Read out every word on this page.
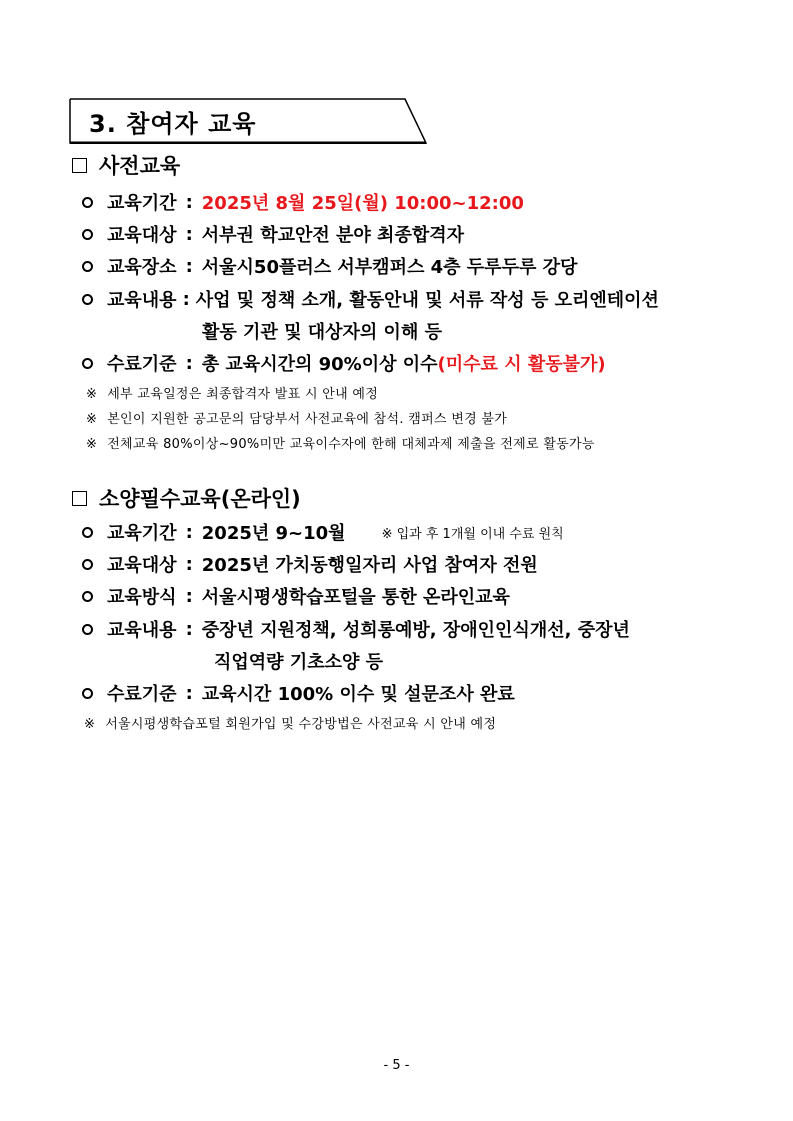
3. 참여자 교육
사전교육
교육기간 : 2025년 8월 25일(월) 10:00~12:00
교육대상 : 서부권 학교안전 분야 최종합격자
교육장소 : 서울시50플러스 서부캠퍼스 4층 두루두루 강당
교육내용 : 사업 및 정책 소개, 활동안내 및 서류 작성 등 오리엔테이션
활동 기관 및 대상자의 이해 등
수료기준 : 총 교육시간의 90%이상 이수 (미수료 시 활동불가)
※ 세부 교육일정은 최종합격자 발표 시 안내 예정
※ 본인이 지원한 공고문의 담당부서 사전교육에 참석. 캠퍼스 변경 불가
※ 전체교육 80%이상~90%미만 교육이수자에 한해 대체과제 제출을 전제로 활동가능
소양필수교육(온라인)
교육기간 : 2025년 9~10월	※ 입과 후 1개월 이내 수료 원칙
교육대상 : 2025년 가치동행일자리 사업 참여자 전원
교육방식 : 서울시평생학습포털을 통한 온라인교육
교육내용 : 중장년 지원정책, 성희롱예방, 장애인인식개선, 중장년
직업역량 기초소양 등
수료기준 : 교육시간 100% 이수 및 설문조사 완료
※ 서울시평생학습포털 회원가입 및 수강방법은 사전교육 시 안내 예정
- 5 -
